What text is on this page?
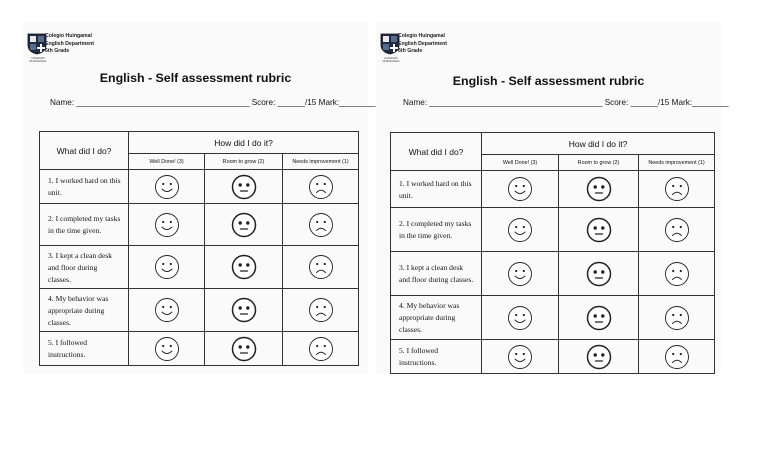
COLEGIO
HUINGANAL
Colegio Huingamal
English Department
6th Grade
English - Self assessment rubric
Name: ______________________________________ Score: ______/15 Mark:________
What did I do?	How did I do it?		
	Well Done! (3)	Room to grow (2)	Needs improvement (1)
1. I worked hard on this unit.	

2. I completed my tasks in the time given.	

3. I kept a clean desk and floor during classes.	

4. My behavior was appropriate during classes.	

5. I followed instructions.	

COLEGIO
HUINGANAL
Colegio Huingamal
English Department
6th Grade
English - Self assessment rubric
Name: ______________________________________ Score: ______/15 Mark:________
What did I do?	How did I do it?		
	Well Done! (3)	Room to grow (2)	Needs improvement (1)
1. I worked hard on this unit.	

2. I completed my tasks in the time given.	

3. I kept a clean desk and floor during classes.	

4. My behavior was appropriate during classes.	

5. I followed instructions.	
